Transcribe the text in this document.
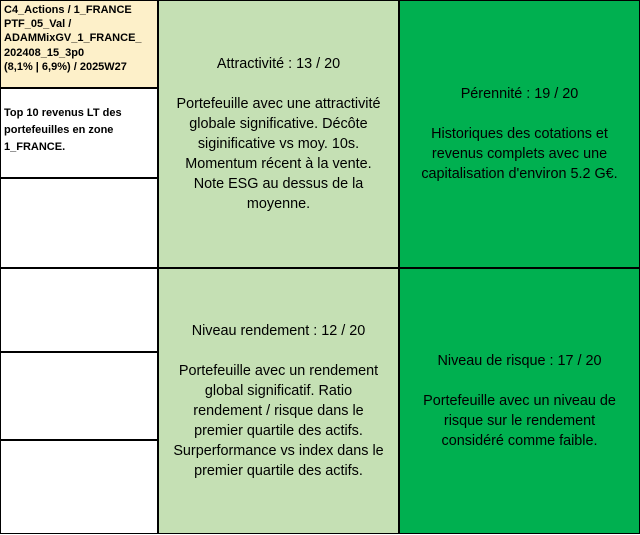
C4_Actions / 1_FRANCE
PTF_05_Val /
ADAMMixGV_1_FRANCE_
202408_15_3p0
(8,1% | 6,9%) / 2025W27
Top 10 revenus LT des portefeuilles en zone 1_FRANCE.
Attractivité : 13 / 20
Portefeuille avec une attractivité
globale significative. Décôte
siginificative vs moy. 10s.
Momentum récent à la vente.
Note ESG au dessus de la
moyenne.
Pérennité : 19 / 20
Historiques des cotations et
revenus complets avec une
capitalisation d'environ 5.2 G€.
Niveau rendement : 12 / 20
Portefeuille avec un rendement
global significatif. Ratio
rendement / risque dans le
premier quartile des actifs.
Surperformance vs index dans le
premier quartile des actifs.
Niveau de risque : 17 / 20
Portefeuille avec un niveau de
risque sur le rendement
considéré comme faible.
